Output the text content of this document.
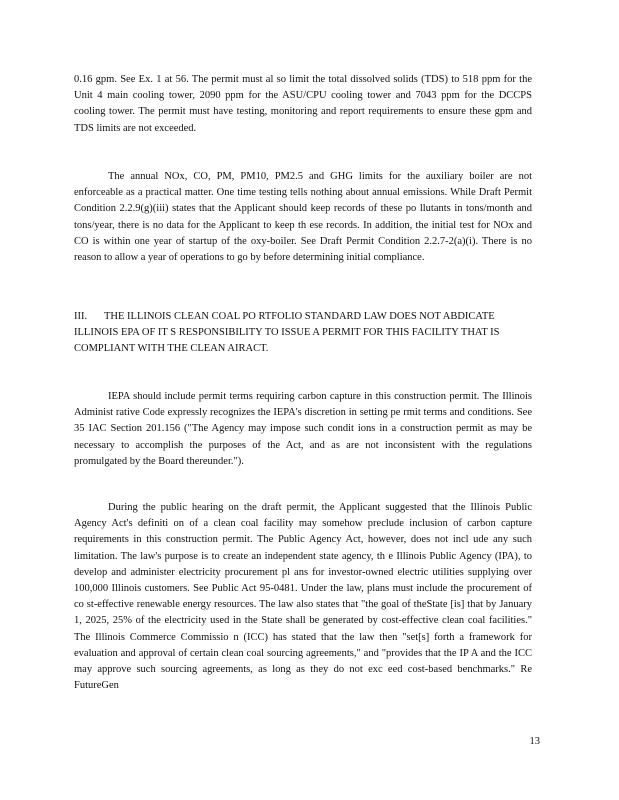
0.16 gpm. See Ex. 1 at 56. The permit must al so limit the total dissolved solids (TDS) to 518 ppm for the Unit 4 main cooling tower, 2090 ppm for the ASU/CPU cooling tower and 7043 ppm for the DCCPS cooling tower. The permit must have testing, monitoring and report requirements to ensure these gpm and TDS limits are not exceeded.

The annual NOx, CO, PM, PM10, PM2.5 and GHG limits for the auxiliary boiler are not enforceable as a practical matter. One time testing tells nothing about annual emissions. While Draft Permit Condition 2.2.9(g)(iii) states that the Applicant should keep records of these po llutants in tons/month and tons/year, there is no data for the Applicant to keep th ese records. In addition, the initial test for NOx and CO is within one year of startup of the oxy-boiler. See Draft Permit Condition 2.2.7-2(a)(i). There is no reason to allow a year of operations to go by before determining initial compliance.

III. THE ILLINOIS CLEAN COAL PO RTFOLIO STANDARD LAW DOES NOT ABDICATE ILLINOIS EPA OF IT S RESPONSIBILITY TO ISSUE A PERMIT FOR THIS FACILITY THAT IS COMPLIANT WITH THE CLEAN AIRACT.

IEPA should include permit terms requiring carbon capture in this construction permit. The Illinois Administ rative Code expressly recognizes the IEPA's discretion in setting pe rmit terms and conditions. See 35 IAC Section 201.156 ("The Agency may impose such condit ions in a construction permit as may be necessary to accomplish the purposes of the Act, and as are not inconsistent with the regulations promulgated by the Board thereunder.").

During the public hearing on the draft permit, the Applicant suggested that the Illinois Public Agency Act's definiti on of a clean coal facility may somehow preclude inclusion of carbon capture requirements in this construction permit. The Public Agency Act, however, does not incl ude any such limitation. The law's purpose is to create an independent state agency, th e Illinois Public Agency (IPA), to develop and administer electricity procurement pl ans for investor-owned electric utilities supplying over 100,000 Illinois customers. See Public Act 95-0481. Under the law, plans must include the procurement of co st-effective renewable energy resources. The law also states that "the goal of theState [is] that by January 1, 2025, 25% of the electricity used in the State shall be generated by cost-effective clean coal facilities." The Illinois Commerce Commissio n (ICC) has stated that the law then "set[s] forth a framework for evaluation and approval of certain clean coal sourcing agreements," and "provides that the IP A and the ICC may approve such sourcing agreements, as long as they do not exc eed cost-based benchmarks." Re FutureGen

13
